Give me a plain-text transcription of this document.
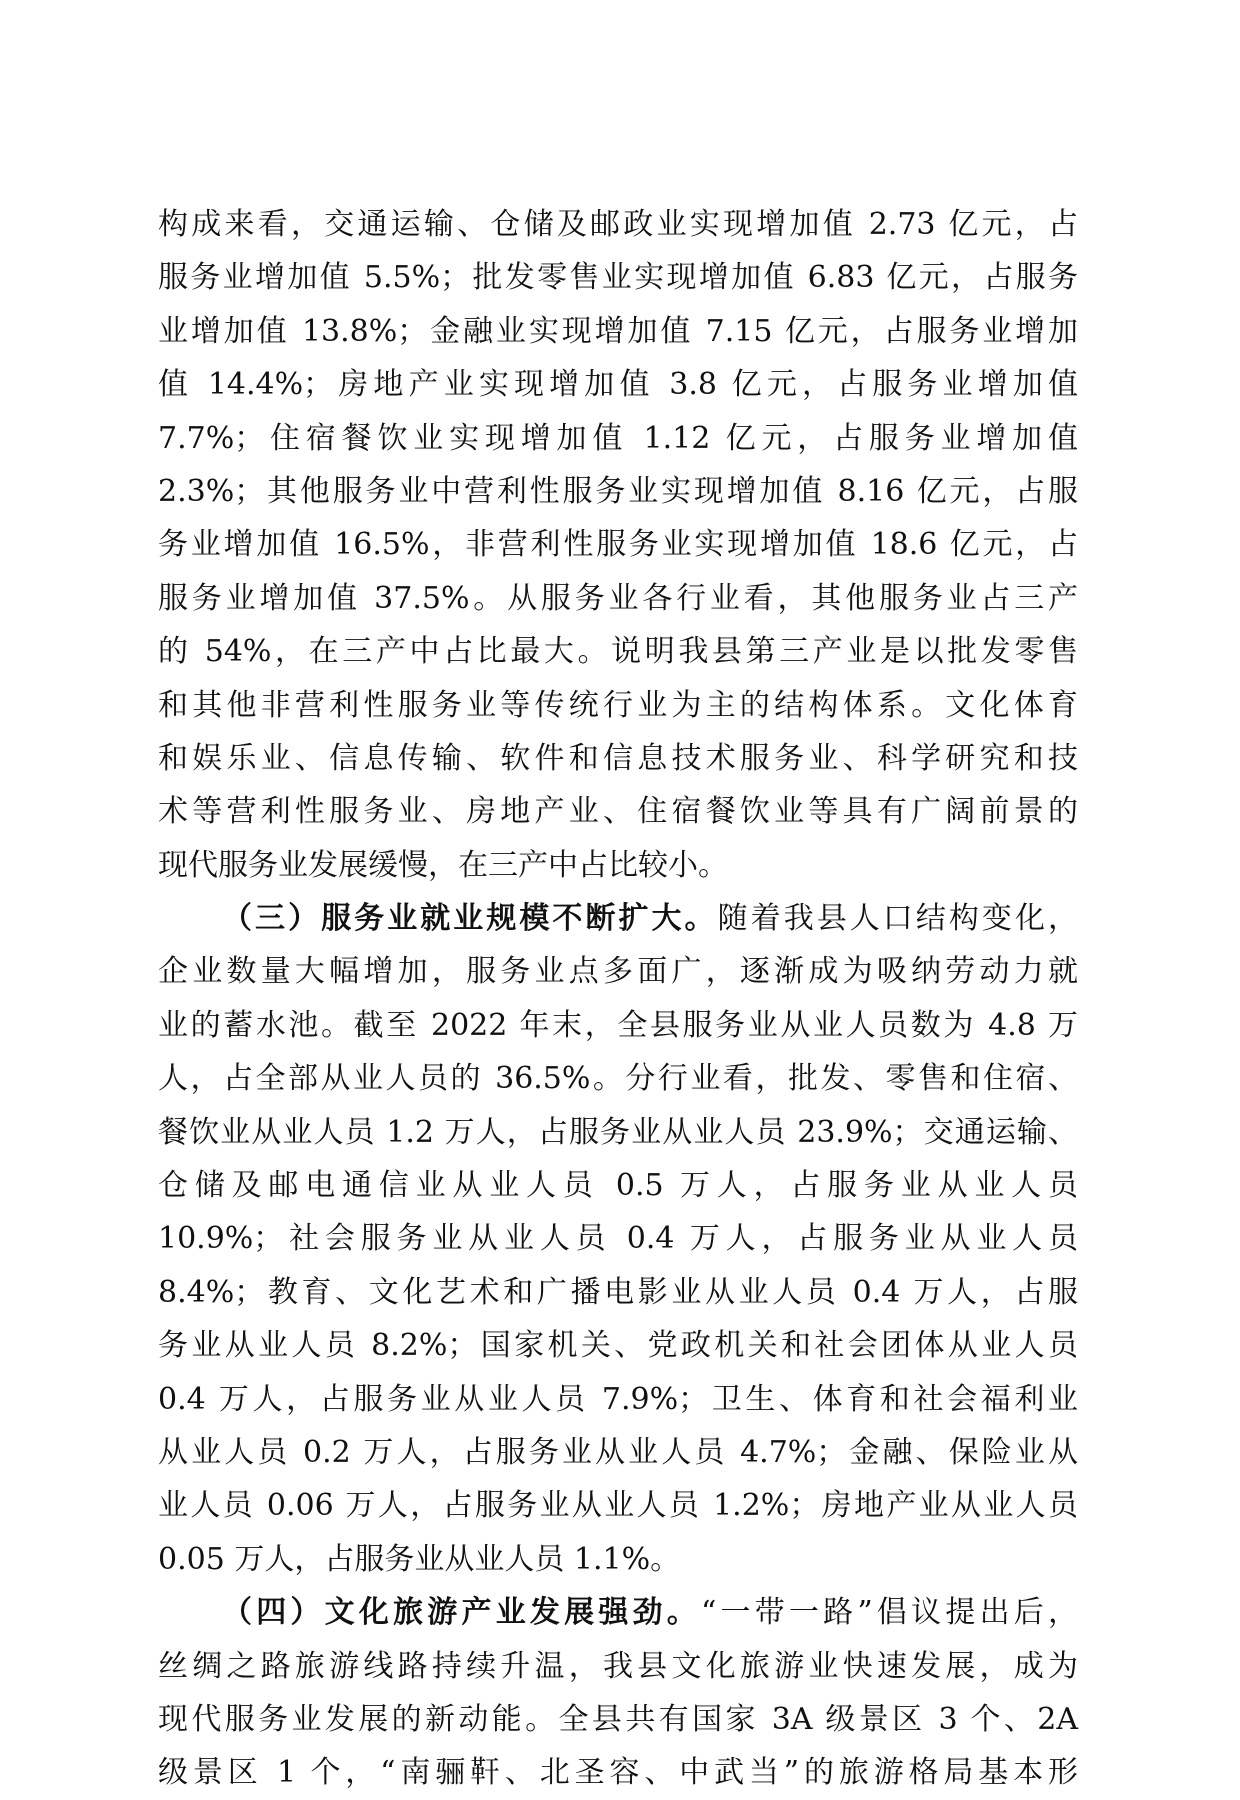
构成来看，交通运输、仓储及邮政业实现增加值 2.73 亿元，占
服务业增加值 5.5%；批发零售业实现增加值 6.83 亿元，占服务
业增加值 13.8%；金融业实现增加值 7.15 亿元，占服务业增加
值 14.4%；房地产业实现增加值 3.8 亿元，占服务业增加值
7.7%；住宿餐饮业实现增加值 1.12 亿元，占服务业增加值
2.3%；其他服务业中营利性服务业实现增加值 8.16 亿元，占服
务业增加值 16.5%，非营利性服务业实现增加值 18.6 亿元，占
服务业增加值 37.5%。从服务业各行业看，其他服务业占三产
的 54%，在三产中占比最大。说明我县第三产业是以批发零售
和其他非营利性服务业等传统行业为主的结构体系。文化体育
和娱乐业、信息传输、软件和信息技术服务业、科学研究和技
术等营利性服务业、房地产业、住宿餐饮业等具有广阔前景的
现代服务业发展缓慢，在三产中占比较小。
（三）服务业就业规模不断扩大。随着我县人口结构变化，
企业数量大幅增加，服务业点多面广，逐渐成为吸纳劳动力就
业的蓄水池。截至 2022 年末，全县服务业从业人员数为 4.8 万
人，占全部从业人员的 36.5%。分行业看，批发、零售和住宿、
餐饮业从业人员 1.2 万人，占服务业从业人员 23.9%；交通运输、
仓储及邮电通信业从业人员 0.5 万人，占服务业从业人员
10.9%；社会服务业从业人员 0.4 万人，占服务业从业人员
8.4%；教育、文化艺术和广播电影业从业人员 0.4 万人，占服
务业从业人员 8.2%；国家机关、党政机关和社会团体从业人员
0.4 万人，占服务业从业人员 7.9%；卫生、体育和社会福利业
从业人员 0.2 万人，占服务业从业人员 4.7%；金融、保险业从
业人员 0.06 万人，占服务业从业人员 1.2%；房地产业从业人员
0.05 万人，占服务业从业人员 1.1%。
（四）文化旅游产业发展强劲。“一带一路”倡议提出后，
丝绸之路旅游线路持续升温，我县文化旅游业快速发展，成为
现代服务业发展的新动能。全县共有国家 3A 级景区 3 个、2A
级景区 1 个，“南骊靬、北圣容、中武当”的旅游格局基本形
